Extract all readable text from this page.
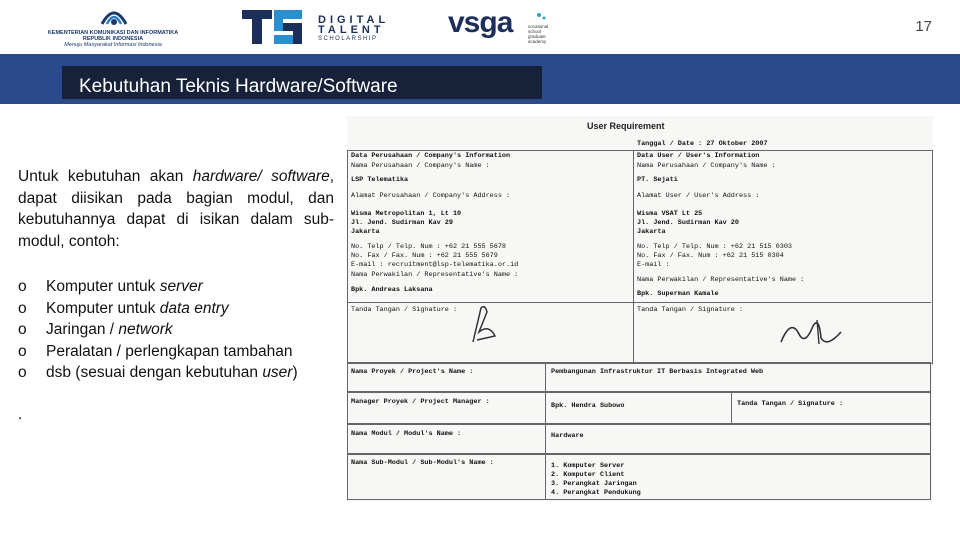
KEMENTERIAN KOMUNIKASI DAN INFORMATIKA
REPUBLIK INDONESIA
Menuju Masyarakat Informasi Indonesia
DIGITAL
TALENT
SCHOLARSHIP vsga	vocational school graduate academy
17
Kebutuhan Teknis Hardware/Software
Untuk kebutuhan akan hardware/ software, dapat diisikan pada bagian modul, dan kebutuhannya dapat di isikan dalam sub-modul, contoh:
o Komputer untuk server
o Komputer untuk data entry
o Jaringan / network
o Peralatan / perlengkapan tambahan
o dsb (sesuai dengan kebutuhan user)
.
User Requirement
Tanggal / Date : 27 Oktober 2007
Data Perusahaan / Company's Information
Nama Perusahaan / Company's Name :
LSP Telematika
Alamat Perusahaan / Company's Address :
Wisma Metropolitan 1, Lt 10
Jl. Jend. Sudirman Kav 29
Jakarta
No. Telp / Telp. Num : +62 21 555 5678
No. Fax / Fax. Num : +62 21 555 5679
E-mail : recruitment@lsp-telematika.or.id
Nama Perwakilan / Representative's Name :
Bpk. Andreas Laksana
Tanda Tangan / Signature :
Data User / User's Information
Nama Perusahaan / Company's Name :
PT. Sejati
Alamat User / User's Address :
Wisma VSAT Lt 25
Jl. Jend. Sudirman Kav 20
Jakarta
No. Telp / Telp. Num : +62 21 515 0303
No. Fax / Fax. Num : +62 21 515 0304
E-mail :
Nama Perwakilan / Representative's Name :
Bpk. Superman Kamale
Tanda Tangan / Signature :
Nama Proyek / Project's Name :	Pembangunan Infrastruktur IT Berbasis Integrated Web
Manager Proyek / Project Manager :	Bpk. Hendra Subowo	Tanda Tangan / Signature :
Nama Modul / Modul's Name :	Hardware
Nama Sub-Modul / Sub-Modul's Name :	1. Komputer Server
2. Komputer Client
3. Perangkat Jaringan
4. Perangkat Pendukung
